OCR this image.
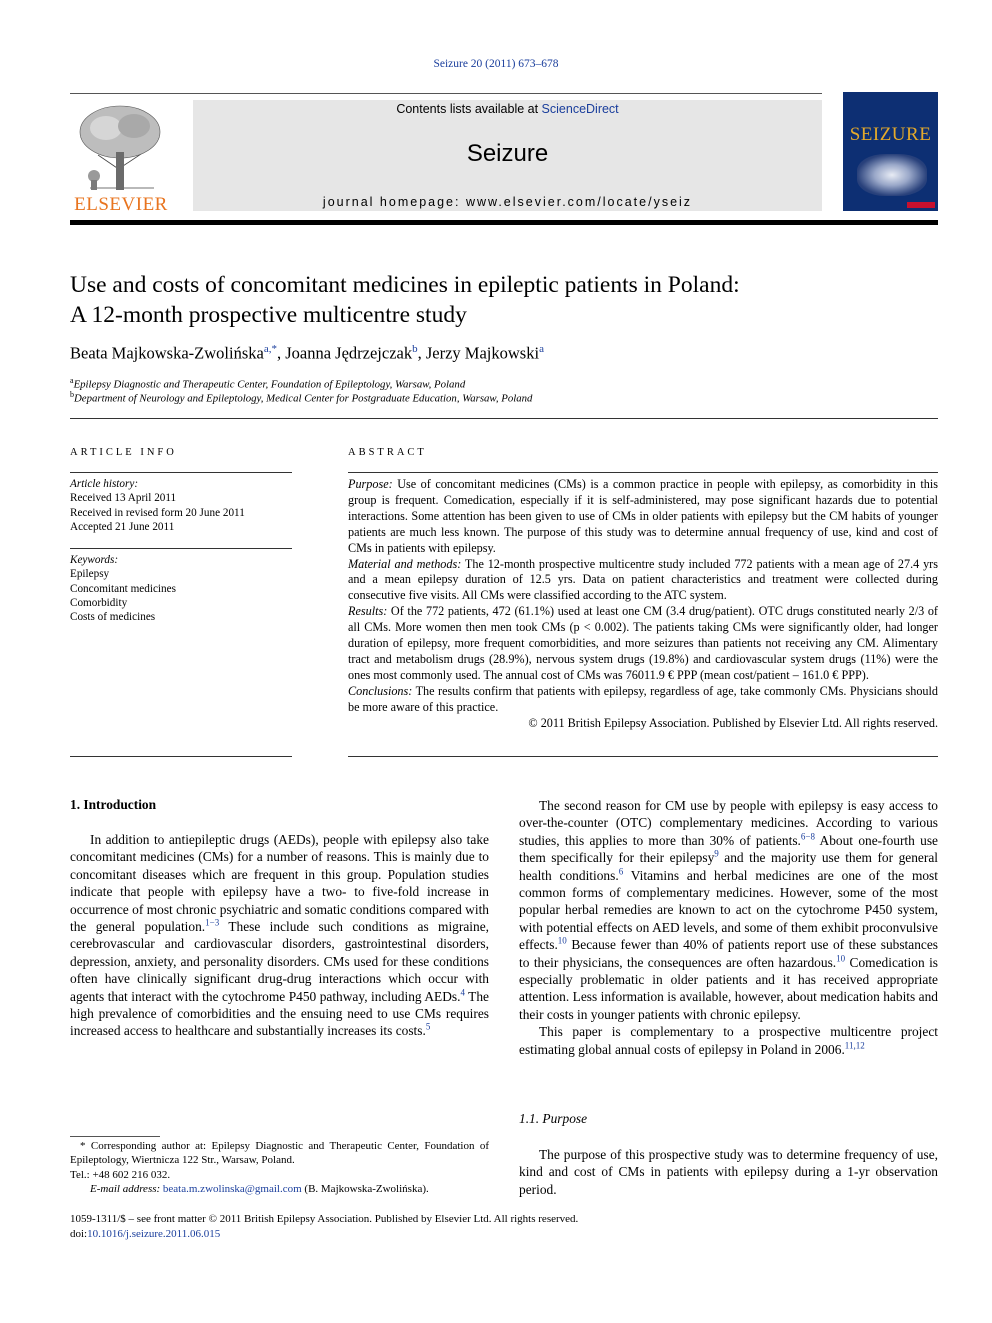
Seizure 20 (2011) 673–678
ELSEVIER
Contents lists available at ScienceDirect
Seizure
journal homepage: www.elsevier.com/locate/yseiz
SEIZURE
Use and costs of concomitant medicines in epileptic patients in Poland:
A 12-month prospective multicentre study
Beata Majkowska-Zwolińska$^{a,*}$, Joanna Jędrzejczak$^b$, Jerzy Majkowski$^a$
$^a$Epilepsy Diagnostic and Therapeutic Center, Foundation of Epileptology, Warsaw, Poland
$^b$Department of Neurology and Epileptology, Medical Center for Postgraduate Education, Warsaw, Poland
ARTICLE INFO
Article history:
Received 13 April 2011
Received in revised form 20 June 2011
Accepted 21 June 2011
Keywords:
Epilepsy
Concomitant medicines
Comorbidity
Costs of medicines
ABSTRACT

Purpose: Use of concomitant medicines (CMs) is a common practice in people with epilepsy, as comorbidity in this group is frequent. Comedication, especially if it is self-administered, may pose significant hazards due to potential interactions. Some attention has been given to use of CMs in older patients with epilepsy but the CM habits of younger patients are much less known. The purpose of this study was to determine annual frequency of use, kind and cost of CMs in patients with epilepsy.

Material and methods: The 12-month prospective multicentre study included 772 patients with a mean age of 27.4 yrs and a mean epilepsy duration of 12.5 yrs. Data on patient characteristics and treatment were collected during consecutive five visits. All CMs were classified according to the ATC system.

Results: Of the 772 patients, 472 (61.1%) used at least one CM (3.4 drug/patient). OTC drugs constituted nearly 2/3 of all CMs. More women then men took CMs (p < 0.002). The patients taking CMs were significantly older, had longer duration of epilepsy, more frequent comorbidities, and more seizures than patients not receiving any CM. Alimentary tract and metabolism drugs (28.9%), nervous system drugs (19.8%) and cardiovascular system drugs (11%) were the ones most commonly used. The annual cost of CMs was 76011.9 € PPP (mean cost/patient – 161.0 € PPP).

Conclusions: The results confirm that patients with epilepsy, regardless of age, take commonly CMs. Physicians should be more aware of this practice.

© 2011 British Epilepsy Association. Published by Elsevier Ltd. All rights reserved.

1. Introduction

In addition to antiepileptic drugs (AEDs), people with epilepsy also take concomitant medicines (CMs) for a number of reasons. This is mainly due to concomitant diseases which are frequent in this group. Population studies indicate that people with epilepsy have a two- to five-fold increase in occurrence of most chronic psychiatric and somatic conditions compared with the general population.$^{1-3}$ These include such conditions as migraine, cerebrovascular and cardiovascular disorders, gastrointestinal disorders, depression, anxiety, and personality disorders. CMs used for these conditions often have clinically significant drug-drug interactions which occur with agents that interact with the cytochrome P450 pathway, including AEDs.$^4$ The high prevalence of comorbidities and the ensuing need to use CMs requires increased access to healthcare and substantially increases its costs.$^5$

* Corresponding author at: Epilepsy Diagnostic and Therapeutic Center, Foundation of Epileptology, Wiertnicza 122 Str., Warsaw, Poland.

Tel.: +48 602 216 032.

E-mail address: beata.m.zwolinska@gmail.com (B. Majkowska-Zwolińska).

The second reason for CM use by people with epilepsy is easy access to over-the-counter (OTC) complementary medicines. According to various studies, this applies to more than 30% of patients.$^{6-8}$ About one-fourth use them specifically for their epilepsy$^9$ and the majority use them for general health conditions.$^6$ Vitamins and herbal medicines are one of the most common forms of complementary medicines. However, some of the most popular herbal remedies are known to act on the cytochrome P450 system, with potential effects on AED levels, and some of them exhibit proconvulsive effects.$^{10}$ Because fewer than 40% of patients report use of these substances to their physicians, the consequences are often hazardous.$^{10}$ Comedication is especially problematic in older patients and it has received appropriate attention. Less information is available, however, about medication habits and their costs in younger patients with chronic epilepsy.

This paper is complementary to a prospective multicentre project estimating global annual costs of epilepsy in Poland in 2006.$^{11,12}$

1.1. Purpose

The purpose of this prospective study was to determine frequency of use, kind and cost of CMs in patients with epilepsy during a 1-yr observation period.

1059-1311/$ – see front matter © 2011 British Epilepsy Association. Published by Elsevier Ltd. All rights reserved.

doi:10.1016/j.seizure.2011.06.015
